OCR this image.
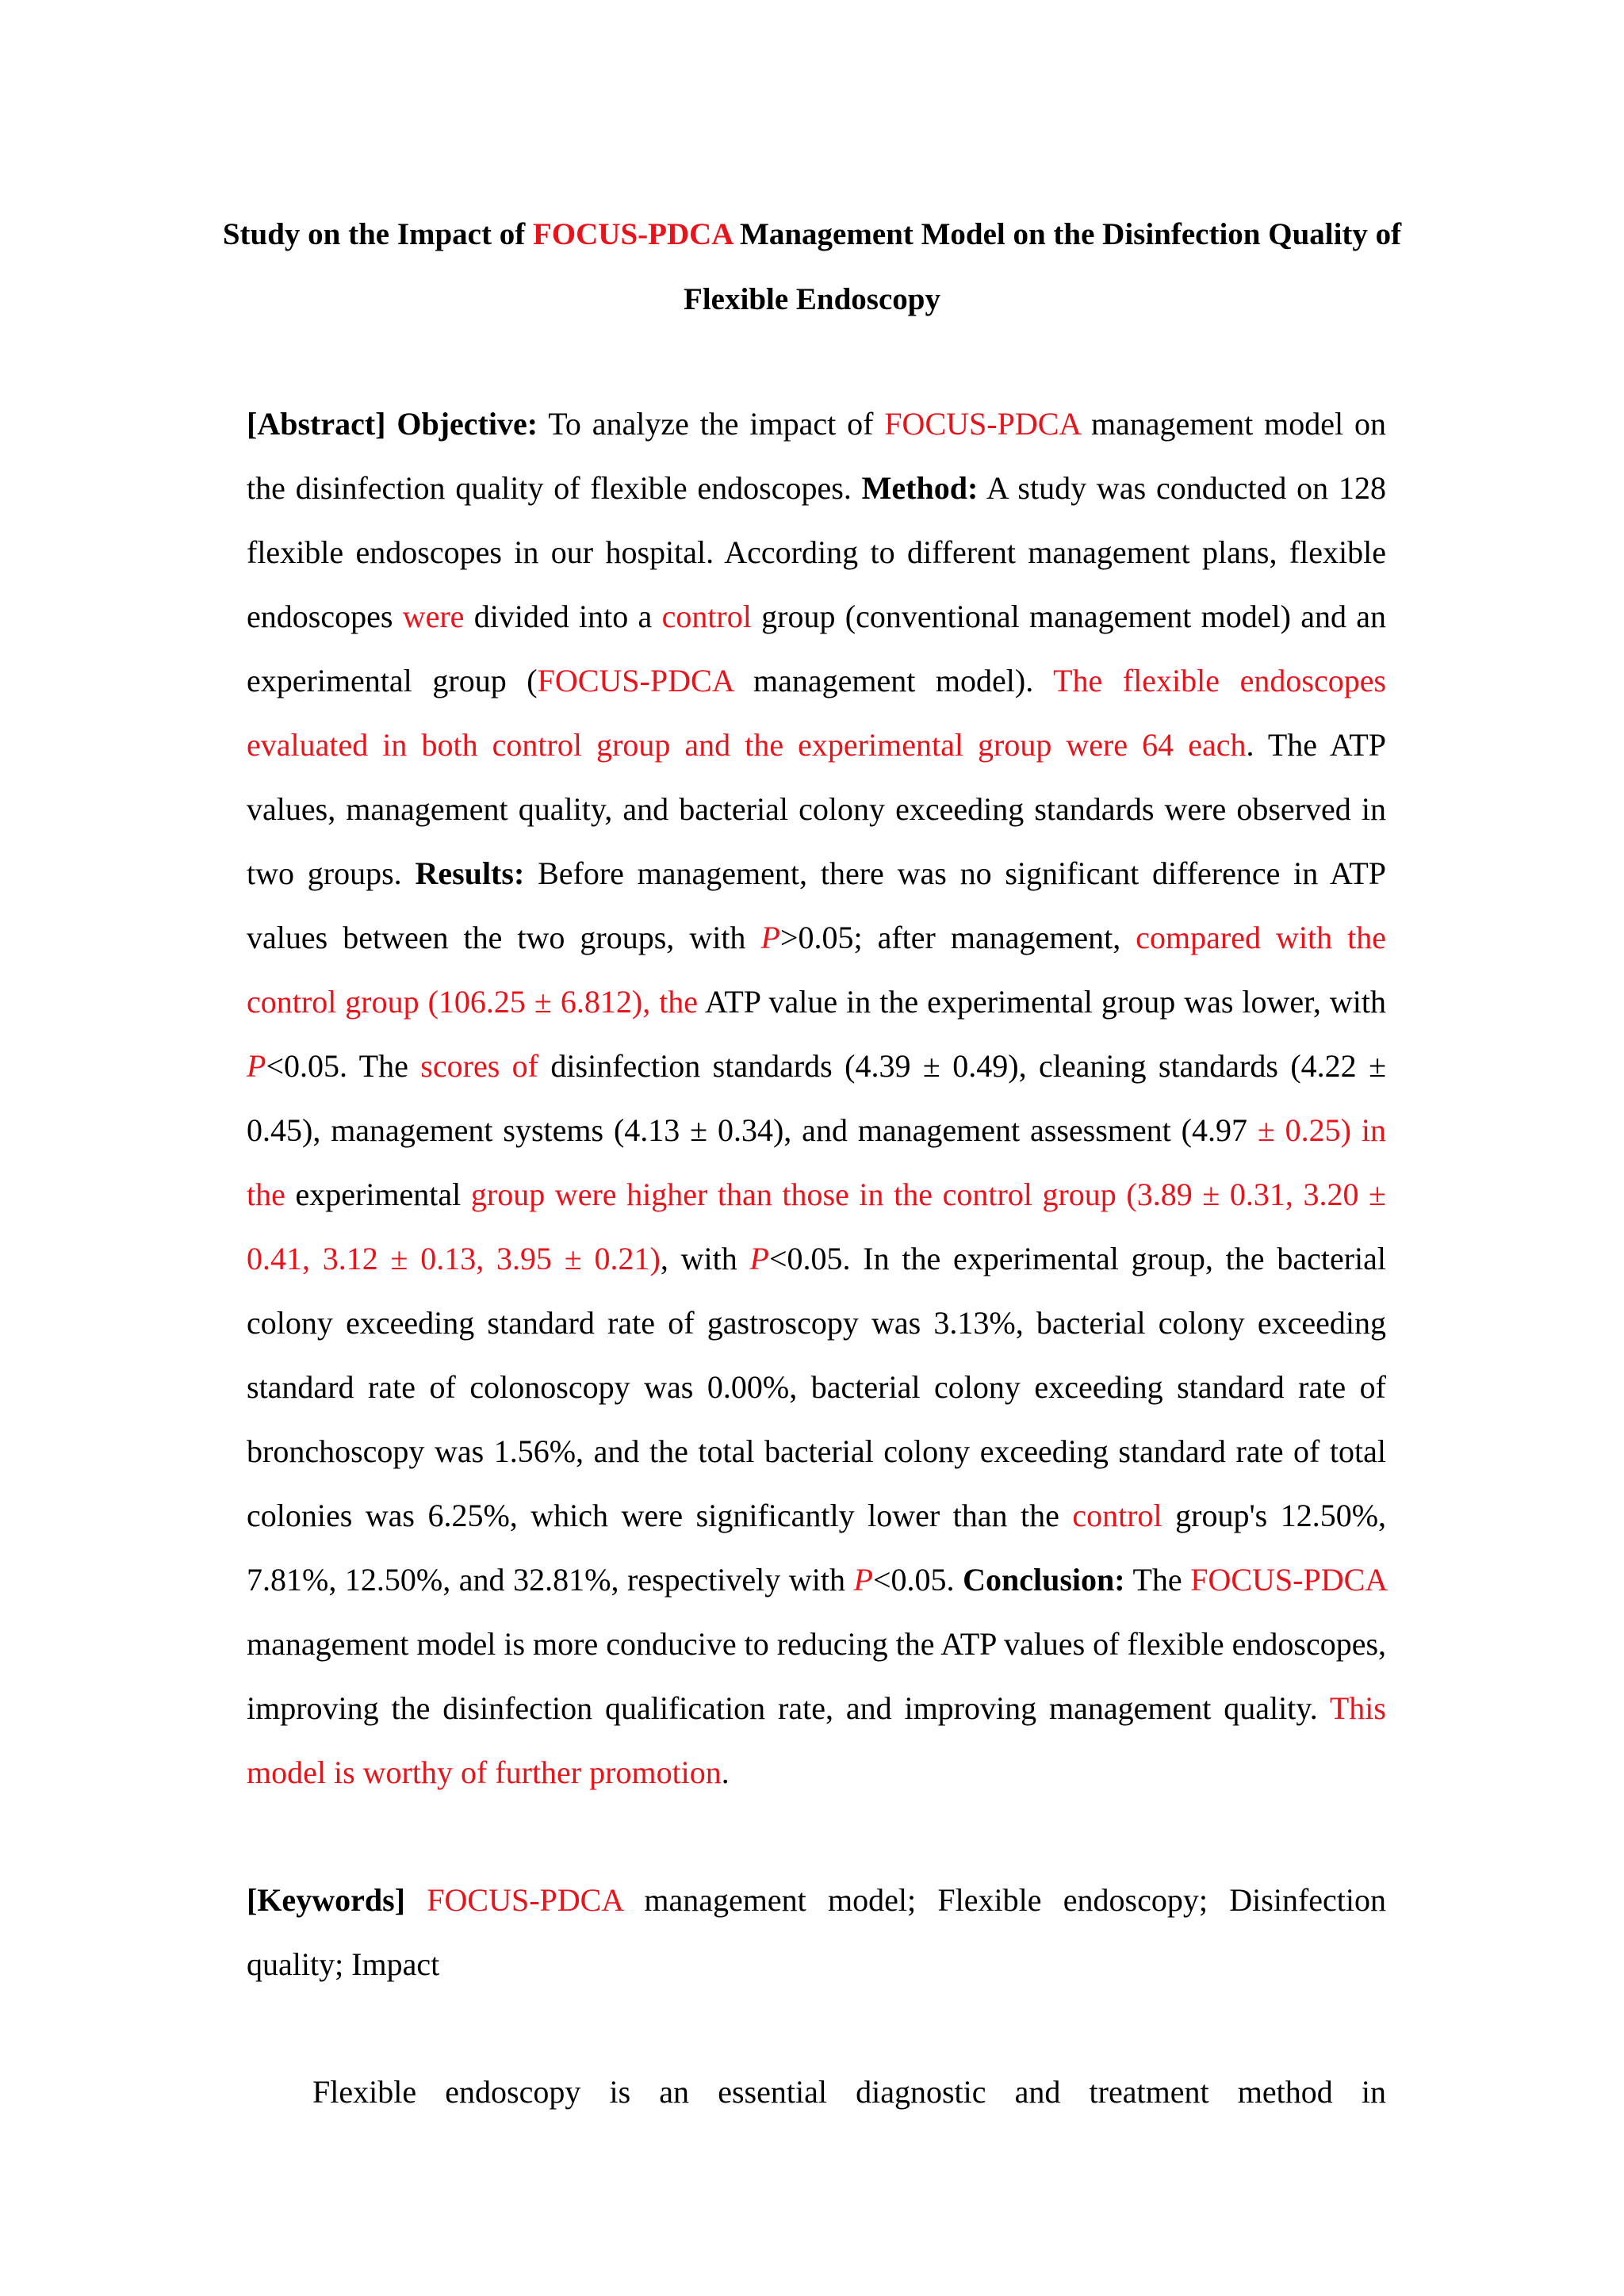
Study on the Impact of FOCUS-PDCA Management Model on the Disinfection Quality of Flexible Endoscopy
[Abstract] Objective: To analyze the impact of FOCUS-PDCA management model on the disinfection quality of flexible endoscopes. Method: A study was conducted on 128 flexible endoscopes in our hospital. According to different management plans, flexible endoscopes were divided into a control group (conventional management model) and an experimental group (FOCUS-PDCA management model). The flexible endoscopes evaluated in both control group and the experimental group were 64 each. The ATP values, management quality, and bacterial colony exceeding standards were observed in two groups. Results: Before management, there was no significant difference in ATP values between the two groups, with P>0.05; after management, compared with the control group (106.25 ± 6.812), the ATP value in the experimental group was lower, with P<0.05. The scores of disinfection standards (4.39 ± 0.49), cleaning standards (4.22 ± 0.45), management systems (4.13 ± 0.34), and management assessment (4.97 ± 0.25) in the experimental group were higher than those in the control group (3.89 ± 0.31, 3.20 ± 0.41, 3.12 ± 0.13, 3.95 ± 0.21), with P<0.05. In the experimental group, the bacterial colony exceeding standard rate of gastroscopy was 3.13%, bacterial colony exceeding standard rate of colonoscopy was 0.00%, bacterial colony exceeding standard rate of bronchoscopy was 1.56%, and the total bacterial colony exceeding standard rate of total colonies was 6.25%, which were significantly lower than the control group's 12.50%, 7.81%, 12.50%, and 32.81%, respectively with P<0.05. Conclusion: The FOCUS-PDCA management model is more conducive to reducing the ATP values of flexible endoscopes, improving the disinfection qualification rate, and improving management quality. This model is worthy of further promotion.
[Keywords] FOCUS-PDCA management model; Flexible endoscopy; Disinfection quality; Impact
Flexible endoscopy is an essential diagnostic and treatment method in
